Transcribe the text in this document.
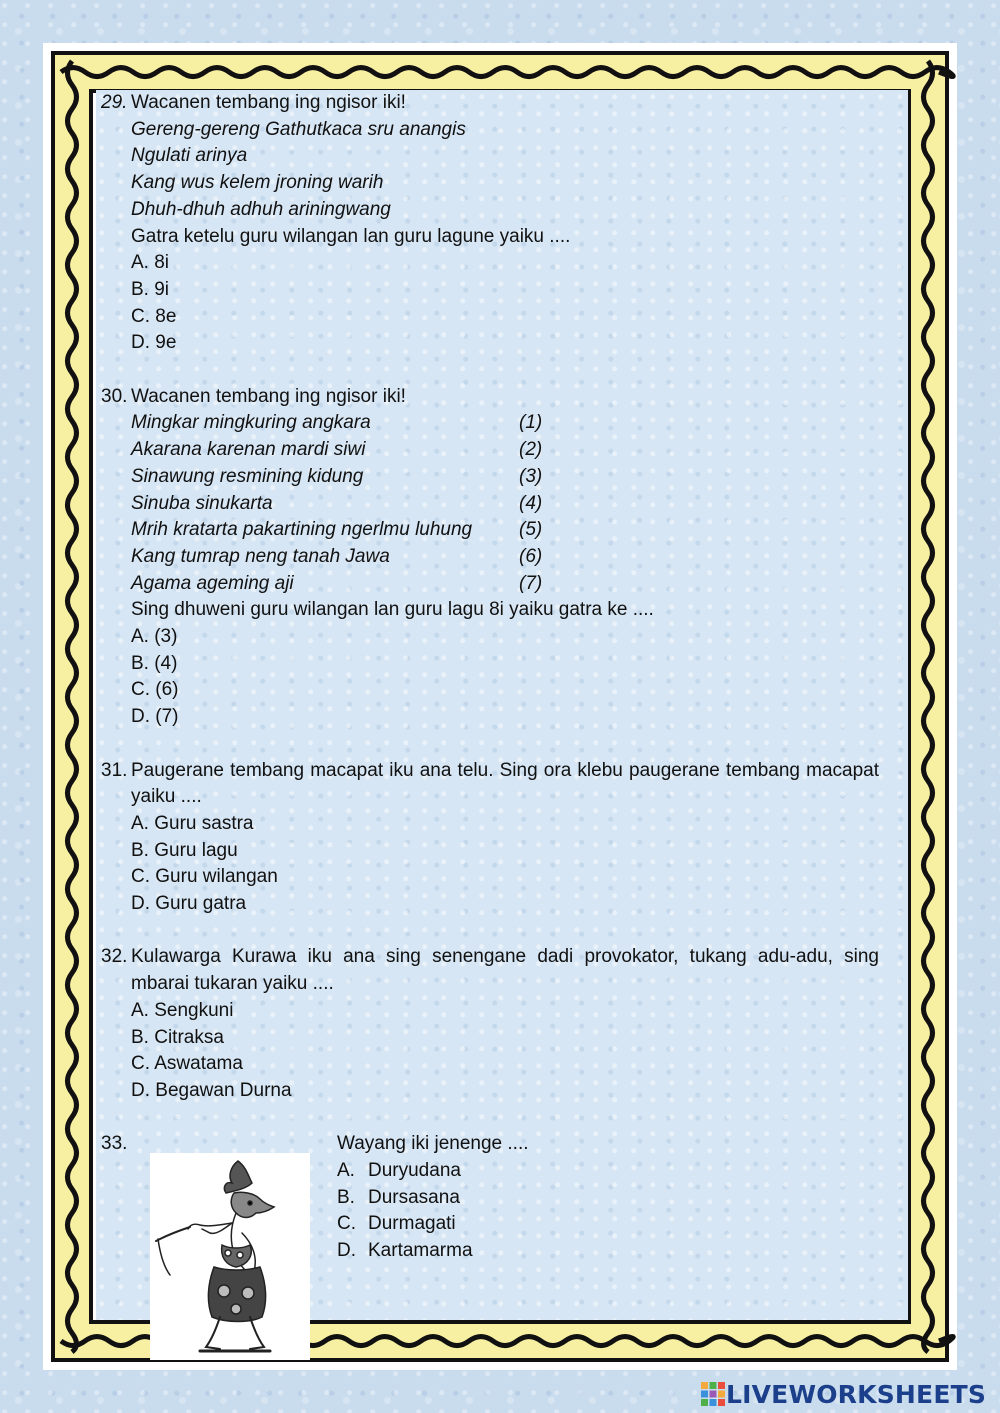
29. Wacanen tembang ing ngisor iki!
Gereng-gereng Gathutkaca sru anangis
Ngulati arinya
Kang wus kelem jroning warih
Dhuh-dhuh adhuh ariningwang
Gatra ketelu guru wilangan lan guru lagune yaiku ....
A. 8i
B. 9i
C. 8e
D. 9e
30. Wacanen tembang ing ngisor iki!
Mingkar mingkuring angkara	(1)
Akarana karenan mardi siwi	(2)
Sinawung resmining kidung	(3)
Sinuba sinukarta	(4)
Mrih kratarta pakartining ngerlmu luhung	(5)
Kang tumrap neng tanah Jawa	(6)
Agama ageming aji	(7)
Sing dhuweni guru wilangan lan guru lagu 8i yaiku gatra ke ....
A. (3)
B. (4)
C. (6)
D. (7)
31. Paugerane tembang macapat iku ana telu. Sing ora klebu paugerane tembang macapat yaiku ....
A. Guru sastra
B. Guru lagu
C. Guru wilangan
D. Guru gatra
32. Kulawarga Kurawa iku ana sing senengane dadi provokator, tukang adu-adu, sing mbarai tukaran yaiku ....
A. Sengkuni
B. Citraksa
C. Aswatama
D. Begawan Durna
33.	Wayang iki jenenge ....
A. Duryudana
B. Dursasana
C. Durmagati
D. Kartamarma
LIVEWORKSHEETS
